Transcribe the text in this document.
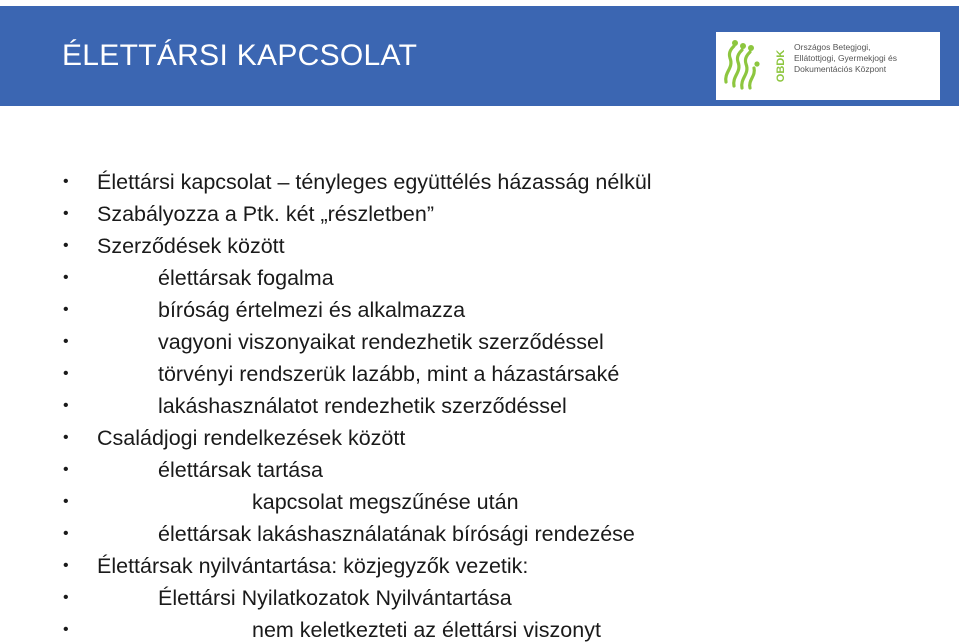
ÉLETTÁRSI KAPCSOLAT	OBDK
Országos Betegjogi,
Ellátottjogi, Gyermekjogi és
Dokumentációs Központ
• Élettársi kapcsolat – tényleges együttélés házasság nélkül
• Szabályozza a Ptk. két „részletben”
• Szerződések között
•	élettársak fogalma
•	bíróság értelmezi és alkalmazza
•	vagyoni viszonyaikat rendezhetik szerződéssel
•	törvényi rendszerük lazább, mint a házastársaké
•	lakáshasználatot rendezhetik szerződéssel
• Családjogi rendelkezések között
•	élettársak tartása
•	kapcsolat megszűnése után
•	élettársak lakáshasználatának bírósági rendezése
• Élettársak nyilvántartása: közjegyzők vezetik:
•	Élettársi Nyilatkozatok Nyilvántartása
•	nem keletkezteti az élettársi viszonyt
